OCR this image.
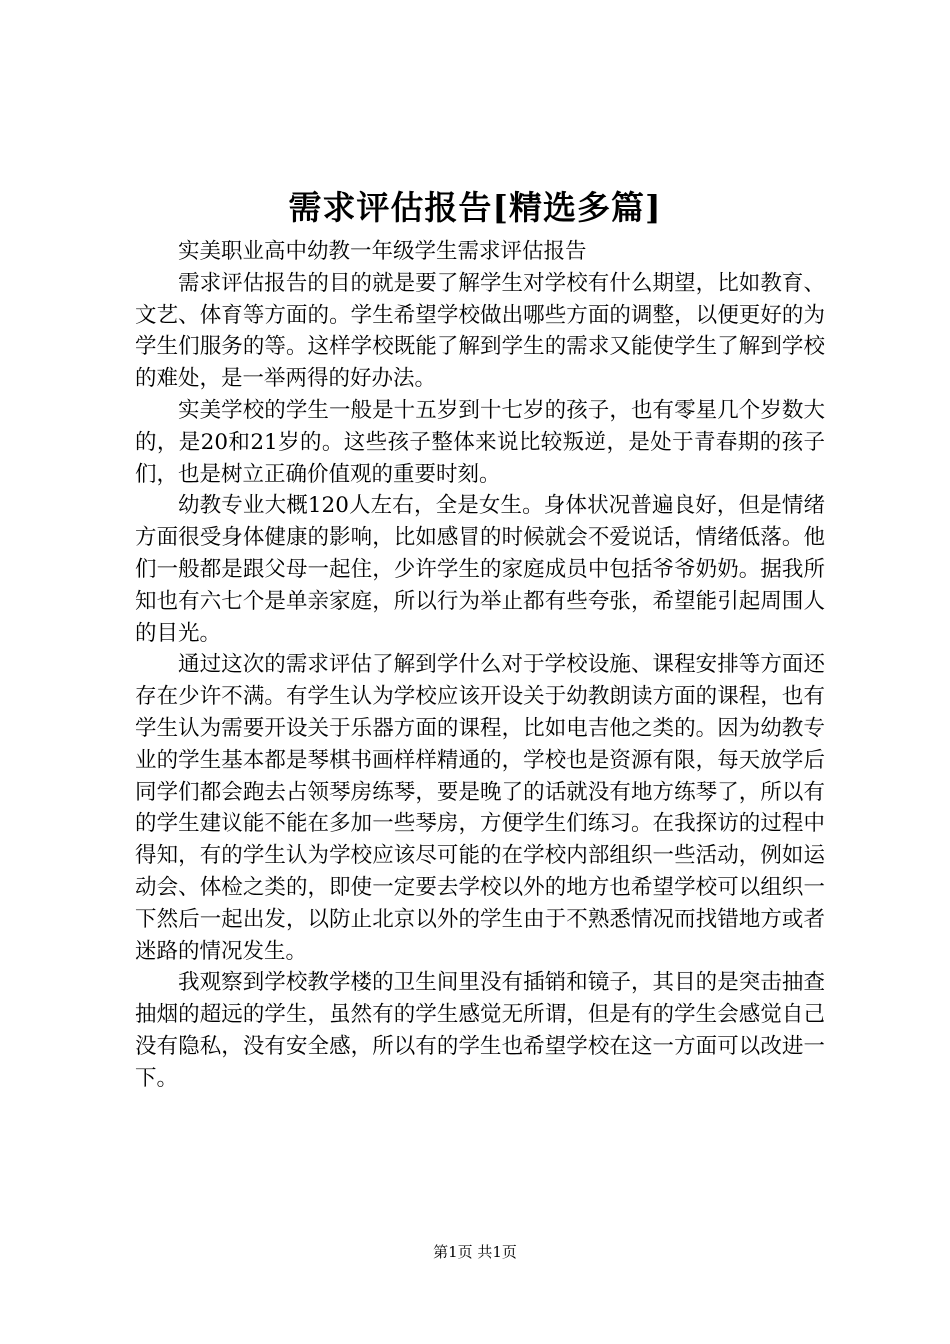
需求评估报告[精选多篇]

实美职业高中幼教一年级学生需求评估报告

需求评估报告的目的就是要了解学生对学校有什么期望，比如教育、文艺、体育等方面的。学生希望学校做出哪些方面的调整，以便更好的为学生们服务的等。这样学校既能了解到学生的需求又能使学生了解到学校的难处，是一举两得的好办法。

实美学校的学生一般是十五岁到十七岁的孩子，也有零星几个岁数大的，是20和21岁的。这些孩子整体来说比较叛逆，是处于青春期的孩子们，也是树立正确价值观的重要时刻。

幼教专业大概120人左右，全是女生。身体状况普遍良好，但是情绪方面很受身体健康的影响，比如感冒的时候就会不爱说话，情绪低落。他们一般都是跟父母一起住，少许学生的家庭成员中包括爷爷奶奶。据我所知也有六七个是单亲家庭，所以行为举止都有些夸张，希望能引起周围人的目光。

通过这次的需求评估了解到学什么对于学校设施、课程安排等方面还存在少许不满。有学生认为学校应该开设关于幼教朗读方面的课程，也有学生认为需要开设关于乐器方面的课程，比如电吉他之类的。因为幼教专业的学生基本都是琴棋书画样样精通的，学校也是资源有限，每天放学后同学们都会跑去占领琴房练琴，要是晚了的话就没有地方练琴了，所以有的学生建议能不能在多加一些琴房，方便学生们练习。在我探访的过程中得知，有的学生认为学校应该尽可能的在学校内部组织一些活动，例如运动会、体检之类的，即使一定要去学校以外的地方也希望学校可以组织一下然后一起出发，以防止北京以外的学生由于不熟悉情况而找错地方或者迷路的情况发生。

我观察到学校教学楼的卫生间里没有插销和镜子，其目的是突击抽查抽烟的超远的学生，虽然有的学生感觉无所谓，但是有的学生会感觉自己没有隐私，没有安全感，所以有的学生也希望学校在这一方面可以改进一下。

第1页 共1页
